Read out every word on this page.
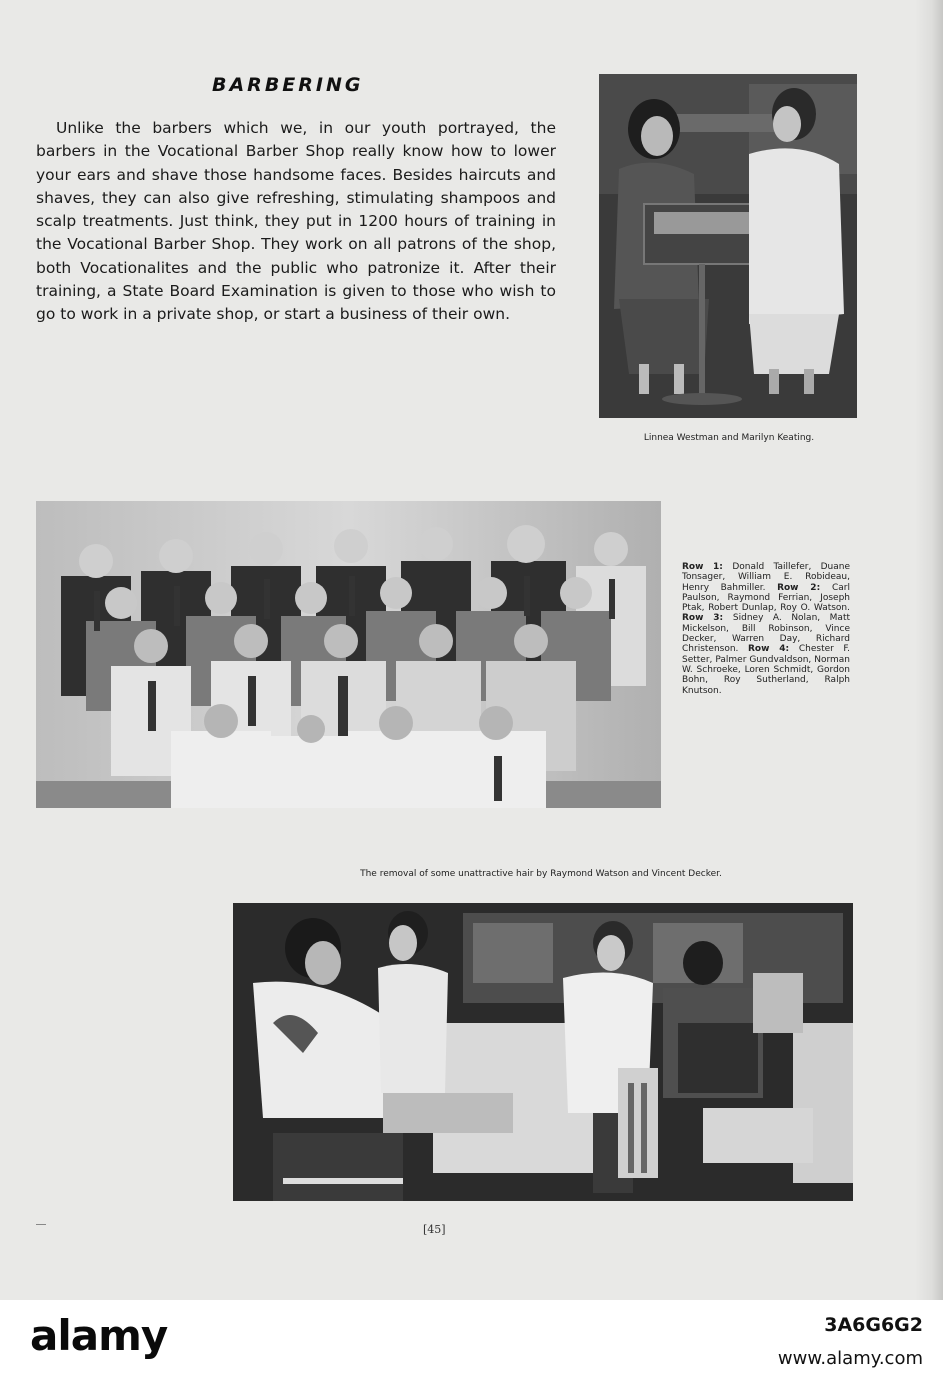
BARBERING

Unlike the barbers which we, in our youth portrayed, the barbers in the Vocational Barber Shop really know how to lower your ears and shave those handsome faces. Besides haircuts and shaves, they can also give refreshing, stimulating shampoos and scalp treatments. Just think, they put in 1200 hours of training in the Vocational Barber Shop. They work on all patrons of the shop, both Vocationalites and the public who patronize it. After their training, a State Board Examination is given to those who wish to go to work in a private shop, or start a business of their own.

Linnea Westman and Marilyn Keating.

Row 1: Donald Taillefer, Duane Tonsager, William E. Robideau, Henry Bahmiller. Row 2: Carl Paulson, Raymond Ferrian, Joseph Ptak, Robert Dunlap, Roy O. Watson. Row 3: Sidney A. Nolan, Matt Mickelson, Bill Robinson, Vince Decker, Warren Day, Richard Christenson. Row 4: Chester F. Setter, Palmer Gundvaldson, Norman W. Schroeke, Loren Schmidt, Gordon Bohn, Roy Sutherland, Ralph Knutson.

The removal of some unattractive hair by Raymond Watson and Vincent Decker.

[45]

alamy	3A6G6G2

www.alamy.com
